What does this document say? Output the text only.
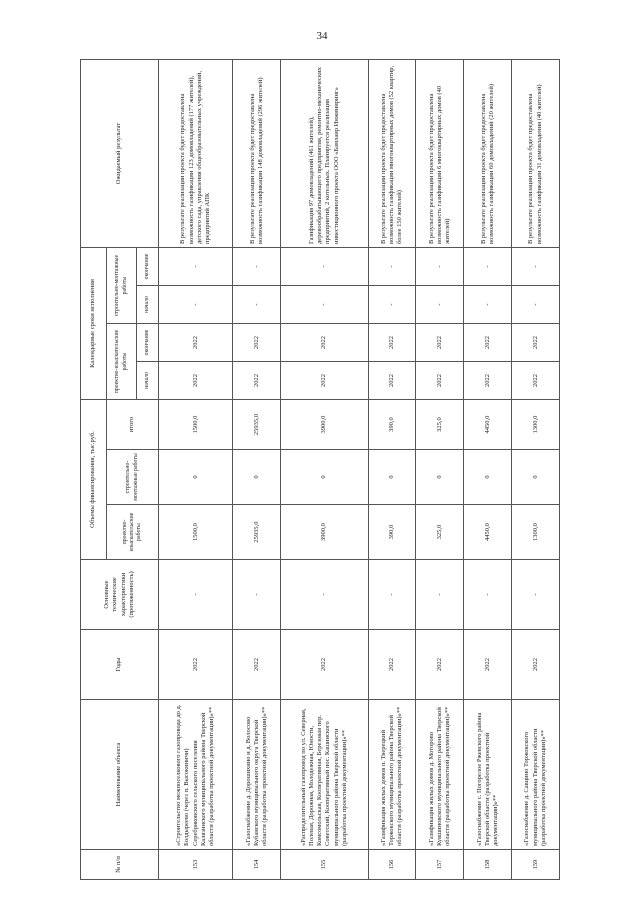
34
№ п/п	Наименование объекта	Годы	Основные технические характеристики (протяженность)	Объемы финансирования, тыс.руб.			Календарные сроки исполнения				Ожидаемый результат
				проектно-изыскательские работы	строительно-монтажные работы	итого	проектно-изыскательские работы		строительно-монтажные работы		
							начало	окончание	начало	окончание	
153	«Строительство межпоселкового газопровода до д. Болдыреево (через п. Высокиничи) Серебряковского сельского поселения Калязинского муниципального района Тверской области (разработка проектной документации)»**	2022	-	1500,0	0	1500,0	2022	2022	-	-	В результате реализации проекта будет предоставлена возможность газификации 123 домовладений (177 жителей), детского сада, управления общеобразовательных учреждений, предприятий АПК
154	«Газоснабжение д. Дорошихино и д. Волосово Кубанского муниципального округа Тверской области (разработка проектной документации)»**	2022	-	25935,0	0	25935,0	2022	2022	-	-	В результате реализации проекта будет предоставлена возможность газификации 148 домовладений (296 жителей)
155	«Распределительный газопровод по ул. Северная, Полевая, Дорожная, Молодежная, Юности, Комсомольская, Кооперативная, Березовая пер. Советский, Кооперативный пос. Кашинского муниципального района Тверской области (разработка проектной документации)»**	2022	-	3900,0	0	3900,0	2022	2022	-	-	Газификация 97 домовладений (461 жителей), деревообрабатывающего предприятия, ремонтно-механических предприятий, 2 котельных. Планируется реализация инвестиционного проекта ООО «Бамлаир Инжиниринг»
156	«Газификация жилых домов п. Тверецкий Торжокского муниципального района Тверской области (разработка проектной документации)»**	2022	-	390,0	0	390,0	2022	2022	-	-	В результате реализации проекта будет предоставлена возможность газификации многоквартирных домов (52 квартир, более 150 жителей)
157	«Газификация жилых домов д. Моторово Кувшиновского муниципального района Тверской области (разработка проектной документации)»**	2022	-	325,0	0	325,0	2022	2022	-	-	В результате реализации проекта будет предоставлена возможность газификации 6 многоквартирных домов (40 жителей)
158	«Газоснабжение с. Погорелое Ржевского района Тверской области (разработка проектной документации)»**	2022	-	4450,0	0	4450,0	2022	2022	-	-	В результате реализации проекта будет предоставлена возможность газификации 60 домовладений (20 жителей)
159	«Газоснабжение д. Савцино Торжокского муниципального района Тверской области (разработка проектной документации)»**	2022	-	1300,0	0	1300,0	2022	2022	-	-	В результате реализации проекта будет предоставлена возможность газификации 31 домовладения (40 жителей)
